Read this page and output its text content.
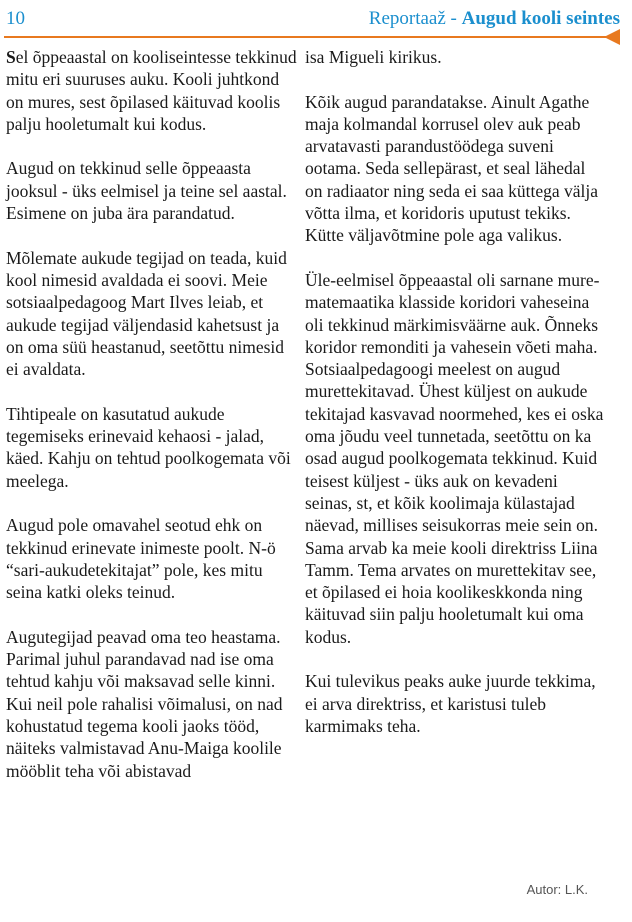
10	Reportaaž - Augud kooli seintes

Sel õppeaastal on kooliseintesse tekkinud mitu eri suuruses auku. Kooli juhtkond on mures, sest õpilased käituvad koolis palju hooletumalt kui kodus.

Augud on tekkinud selle õppeaasta jooksul - üks eelmisel ja teine sel aastal. Esimene on juba ära parandatud.

Mõlemate aukude tegijad on teada, kuid kool nimesid avaldada ei soovi. Meie sotsiaalpedagoog Mart Ilves leiab, et aukude tegijad väljendasid kahetsust ja on oma süü heastanud, seetõttu nimesid ei avaldata.

Tihtipeale on kasutatud aukude tegemiseks erinevaid kehaosi - jalad, käed. Kahju on tehtud poolkogemata või meelega.

Augud pole omavahel seotud ehk on tekkinud erinevate inimeste poolt. N-ö “sari-aukudetekitajat” pole, kes mitu seina katki oleks teinud.

Augutegijad peavad oma teo heastama. Parimal juhul parandavad nad ise oma tehtud kahju või maksavad selle kinni. Kui neil pole rahalisi võimalusi, on nad kohustatud tegema kooli jaoks tööd, näiteks valmistavad Anu-Maiga koolile mööblit teha või abistavad

isa Migueli kirikus.

Kõik augud parandatakse. Ainult Agathe maja kolmandal korrusel olev auk peab arvatavasti parandustöödega suveni ootama. Seda sellepärast, et seal lähedal on radiaator ning seda ei saa küttega välja võtta ilma, et koridoris uputust tekiks. Kütte väljavõtmine pole aga valikus.

Üle-eelmisel õppeaastal oli sarnane mure- matemaatika klasside koridori vaheseina oli tekkinud märkimisväärne auk. Õnneks koridor remonditi ja vahesein võeti maha. Sotsiaalpedagoogi meelest on augud murettekitavad. Ühest küljest on aukude tekitajad kasvavad noormehed, kes ei oska oma jõudu veel tunnetada, seetõttu on ka osad augud poolkogemata tekkinud. Kuid teisest küljest - üks auk on kevadeni seinas, st, et kõik koolimaja külastajad näevad, millises seisukorras meie sein on. Sama arvab ka meie kooli direktriss Liina Tamm. Tema arvates on murettekitav see, et õpilased ei hoia koolikeskkonda ning käituvad siin palju hooletumalt kui oma kodus.

Kui tulevikus peaks auke juurde tekkima, ei arva direktriss, et karistusi tuleb karmimaks teha.

Autor: L.K.
